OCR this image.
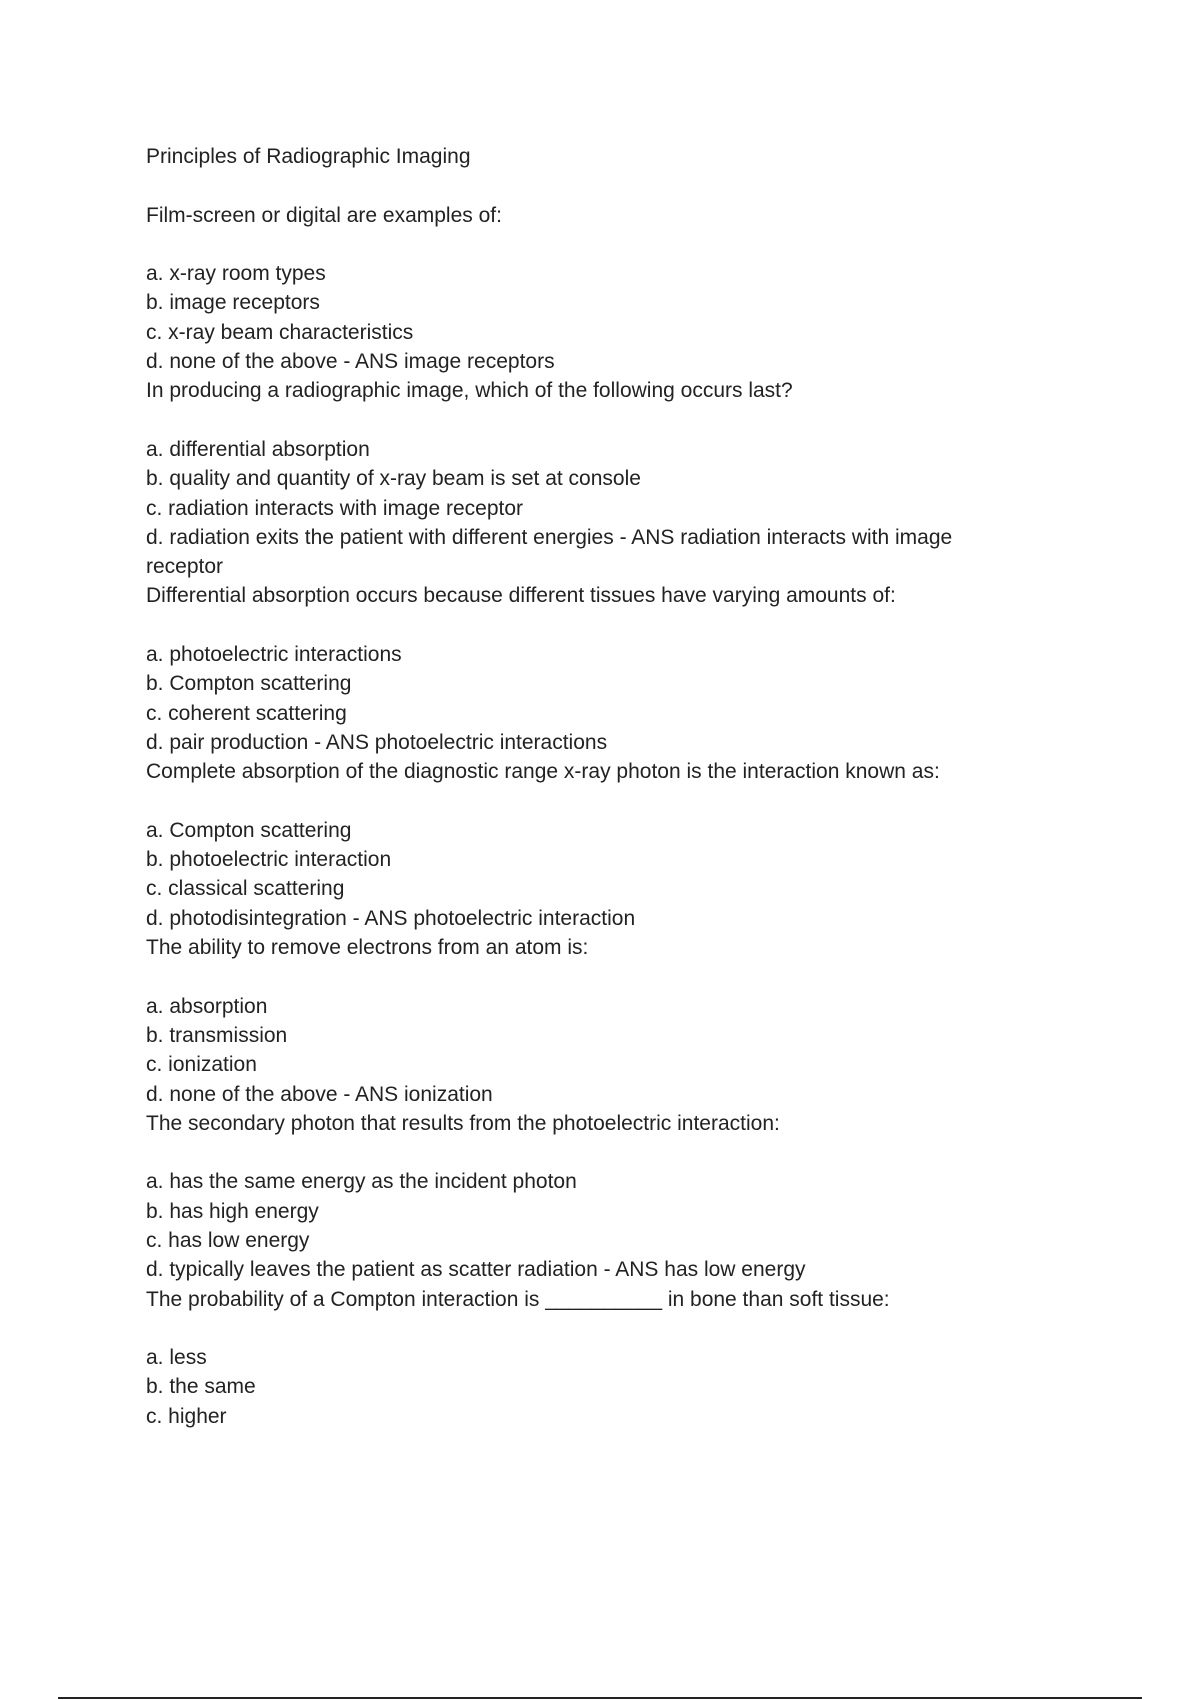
Principles of Radiographic Imaging

Film-screen or digital are examples of:

a. x-ray room types

b. image receptors

c. x-ray beam characteristics

d. none of the above - ANS image receptors

In producing a radiographic image, which of the following occurs last?

a. differential absorption

b. quality and quantity of x-ray beam is set at console

c. radiation interacts with image receptor

d. radiation exits the patient with different energies - ANS radiation interacts with image receptor

Differential absorption occurs because different tissues have varying amounts of:

a. photoelectric interactions

b. Compton scattering

c. coherent scattering

d. pair production - ANS photoelectric interactions

Complete absorption of the diagnostic range x-ray photon is the interaction known as:

a. Compton scattering

b. photoelectric interaction

c. classical scattering

d. photodisintegration - ANS photoelectric interaction

The ability to remove electrons from an atom is:

a. absorption

b. transmission

c. ionization

d. none of the above - ANS ionization

The secondary photon that results from the photoelectric interaction:

a. has the same energy as the incident photon

b. has high energy

c. has low energy

d. typically leaves the patient as scatter radiation - ANS has low energy

The probability of a Compton interaction is __________ in bone than soft tissue:

a. less

b. the same

c. higher
